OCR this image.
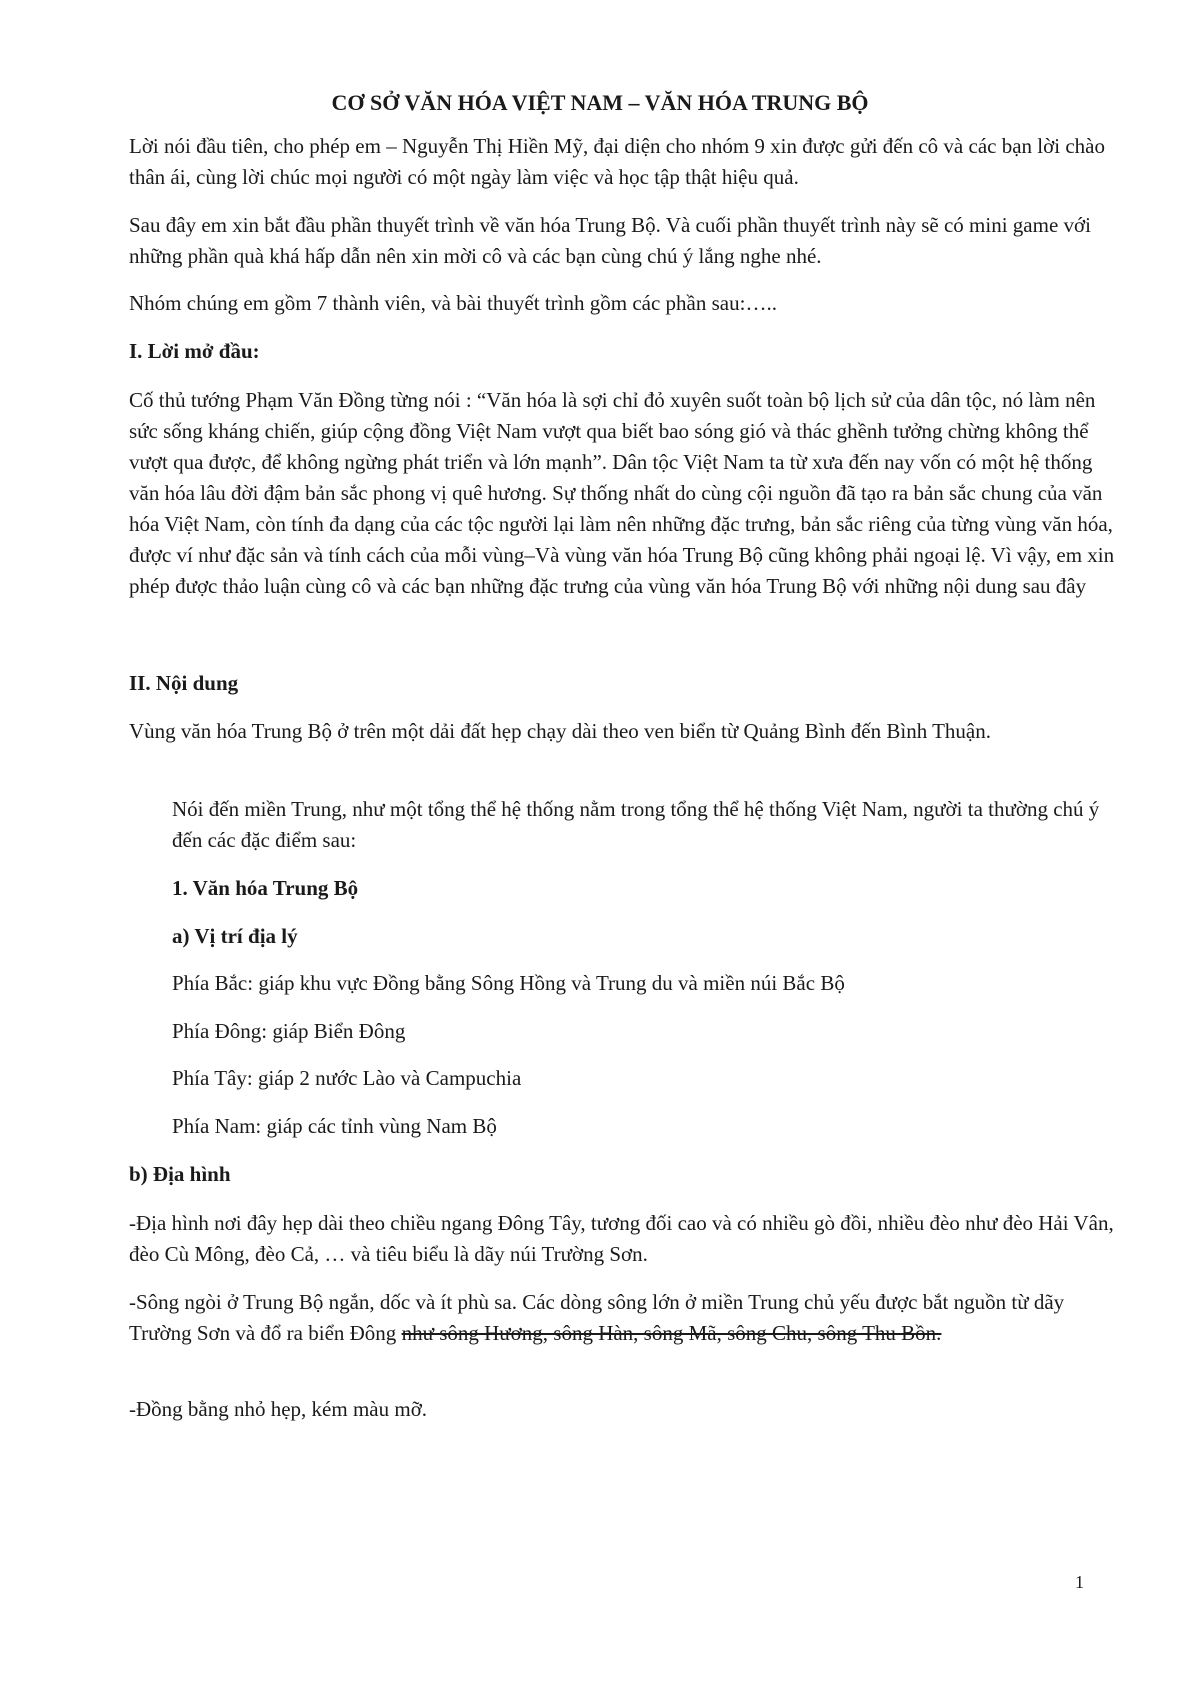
CƠ SỞ VĂN HÓA VIỆT NAM – VĂN HÓA TRUNG BỘ

Lời nói đầu tiên, cho phép em – Nguyễn Thị Hiền Mỹ, đại diện cho nhóm 9 xin được gửi đến cô và các bạn lời chào thân ái, cùng lời chúc mọi người có một ngày làm việc và học tập thật hiệu quả.

Sau đây em xin bắt đầu phần thuyết trình về văn hóa Trung Bộ. Và cuối phần thuyết trình này sẽ có mini game với những phần quà khá hấp dẫn nên xin mời cô và các bạn cùng chú ý lắng nghe nhé.

Nhóm chúng em gồm 7 thành viên, và bài thuyết trình gồm các phần sau:…..

I. Lời mở đầu:

Cố thủ tướng Phạm Văn Đồng từng nói : “Văn hóa là sợi chỉ đỏ xuyên suốt toàn bộ lịch sử của dân tộc, nó làm nên sức sống kháng chiến, giúp cộng đồng Việt Nam vượt qua biết bao sóng gió và thác ghềnh tưởng chừng không thể vượt qua được, để không ngừng phát triển và lớn mạnh”. Dân tộc Việt Nam ta từ xưa đến nay vốn có một hệ thống văn hóa lâu đời đậm bản sắc phong vị quê hương. Sự thống nhất do cùng cội nguồn đã tạo ra bản sắc chung của văn hóa Việt Nam, còn tính đa dạng của các tộc người lại làm nên những đặc trưng, bản sắc riêng của từng vùng văn hóa, được ví như đặc sản và tính cách của mỗi vùng–Và vùng văn hóa Trung Bộ cũng không phải ngoại lệ. Vì vậy, em xin phép được thảo luận cùng cô và các bạn những đặc trưng của vùng văn hóa Trung Bộ với những nội dung sau đây

II. Nội dung

Vùng văn hóa Trung Bộ ở trên một dải đất hẹp chạy dài theo ven biển từ Quảng Bình đến Bình Thuận.

Nói đến miền Trung, như một tổng thể hệ thống nằm trong tổng thể hệ thống Việt Nam, người ta thường chú ý đến các đặc điểm sau:

1. Văn hóa Trung Bộ

a) Vị trí địa lý

Phía Bắc: giáp khu vực Đồng bằng Sông Hồng và Trung du và miền núi Bắc Bộ

Phía Đông: giáp Biển Đông

Phía Tây: giáp 2 nước Lào và Campuchia

Phía Nam: giáp các tỉnh vùng Nam Bộ

b) Địa hình

-Địa hình nơi đây hẹp dài theo chiều ngang Đông Tây, tương đối cao và có nhiều gò đồi, nhiều đèo như đèo Hải Vân, đèo Cù Mông, đèo Cả, … và tiêu biểu là dãy núi Trường Sơn.

-Sông ngòi ở Trung Bộ ngắn, dốc và ít phù sa. Các dòng sông lớn ở miền Trung chủ yếu được bắt nguồn từ dãy Trường Sơn và đổ ra biển Đông như sông Hương, sông Hàn, sông Mã, sông Chu, sông Thu Bồn.

-Đồng bằng nhỏ hẹp, kém màu mỡ.

1
